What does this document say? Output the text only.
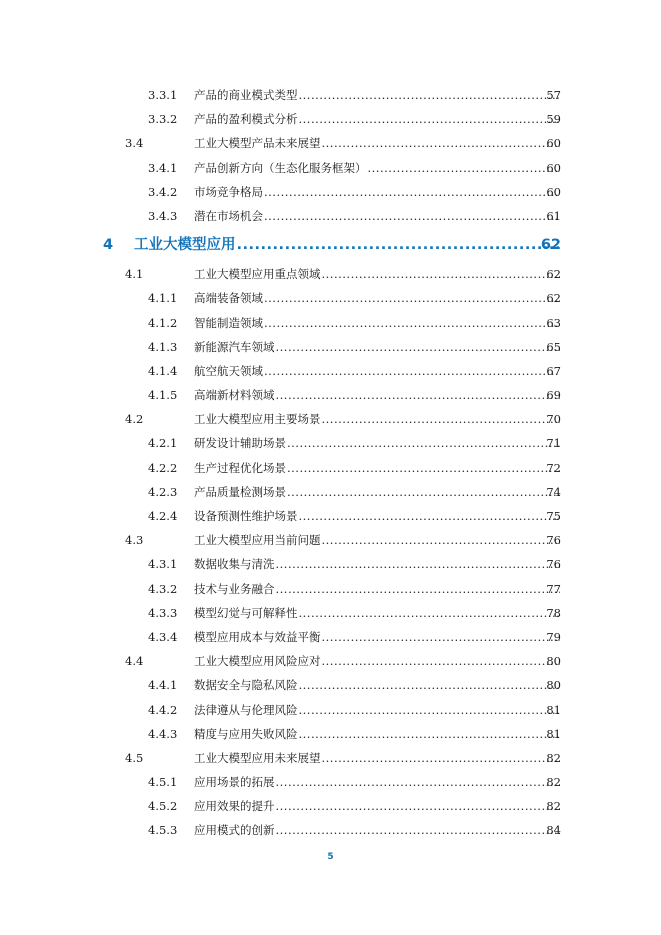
3.3.1 产品的商业模式类型 .....	57
3.3.2 产品的盈利模式分析 .....	59
3.4	工业大模型产品未来展望 .....	60
3.4.1 产品创新方向（生态化服务框架） .....	60
3.4.2 市场竞争格局 .....	60
3.4.3 潜在市场机会 .....	61
4 工业大模型应用 .....	62
4.1	工业大模型应用重点领域 .....	62
4.1.1 高端装备领域 .....	62
4.1.2 智能制造领域 .....	63
4.1.3 新能源汽车领域 .....	65
4.1.4 航空航天领域 .....	67
4.1.5 高端新材料领域 .....	69
4.2	工业大模型应用主要场景 .....	70
4.2.1 研发设计辅助场景 .....	71
4.2.2 生产过程优化场景 .....	72
4.2.3 产品质量检测场景 .....	74
4.2.4 设备预测性维护场景 .....	75
4.3	工业大模型应用当前问题 .....	76
4.3.1 数据收集与清洗 .....	76
4.3.2 技术与业务融合 .....	77
4.3.3 模型幻觉与可解释性 .....	78
4.3.4 模型应用成本与效益平衡 .....	79
4.4	工业大模型应用风险应对 .....	80
4.4.1 数据安全与隐私风险 .....	80
4.4.2 法律遵从与伦理风险 .....	81
4.4.3 精度与应用失败风险 .....	81
4.5	工业大模型应用未来展望 .....	82
4.5.1 应用场景的拓展 .....	82
4.5.2 应用效果的提升 .....	82
4.5.3 应用模式的创新 .....	84
5
